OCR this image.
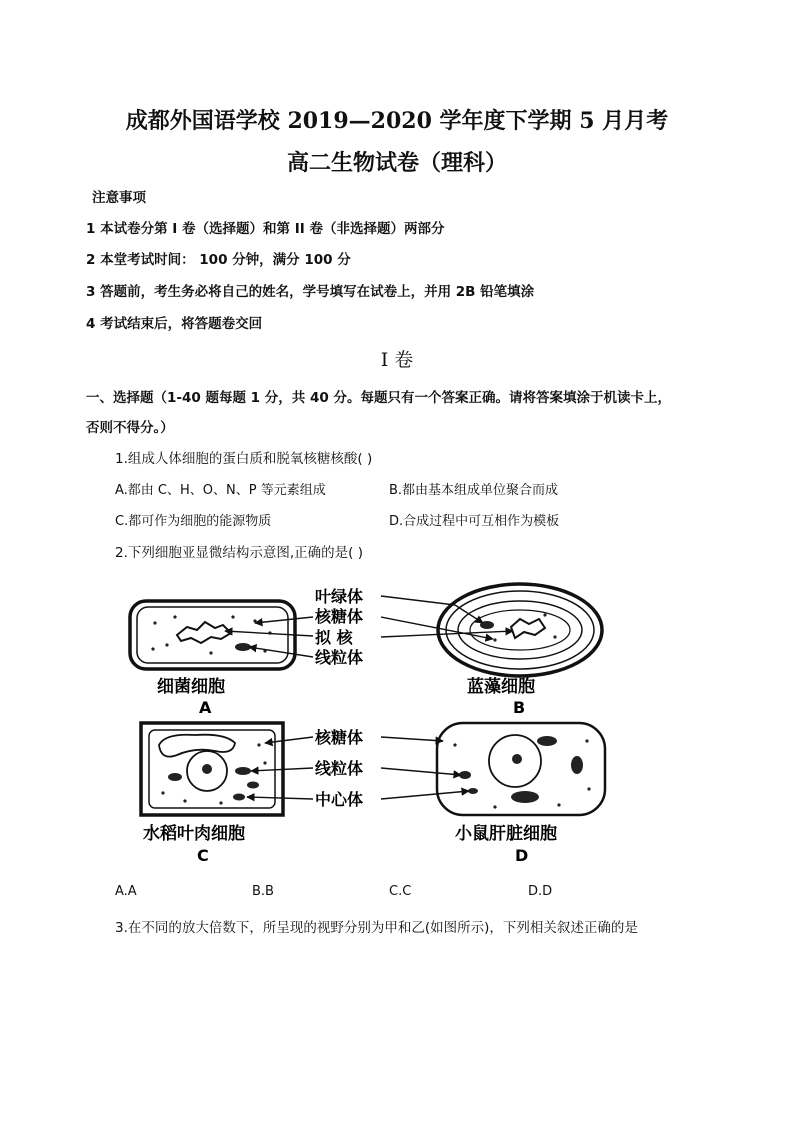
成都外国语学校 2019—2020 学年度下学期 5 月月考
高二生物试卷（理科）
注意事项
1 本试卷分第 I 卷（选择题）和第 II 卷（非选择题）两部分
2 本堂考试时间： 100 分钟，满分 100 分
3 答题前，考生务必将自己的姓名，学号填写在试卷上，并用 2B 铅笔填涂
4 考试结束后，将答题卷交回
Ⅰ 卷
一、选择题（1-40 题每题 1 分，共 40 分。每题只有一个答案正确。请将答案填涂于机读卡上，
否则不得分。）
1.组成人体细胞的蛋白质和脱氧核糖核酸( )
A.都由 C、H、O、N、P 等元素组成	B.都由基本组成单位聚合而成
C.都可作为细胞的能源物质	D.合成过程中可互相作为模板
2.下列细胞亚显微结构示意图,正确的是( )
叶绿体
核糖体
拟 核
线粒体
细菌细胞
A
蓝藻细胞
B
核糖体
线粒体
中心体
水稻叶肉细胞
C
小鼠肝脏细胞
D
A.A	B.B	C.C	D.D
3.在不同的放大倍数下，所呈现的视野分别为甲和乙(如图所示)，下列相关叙述正确的是
